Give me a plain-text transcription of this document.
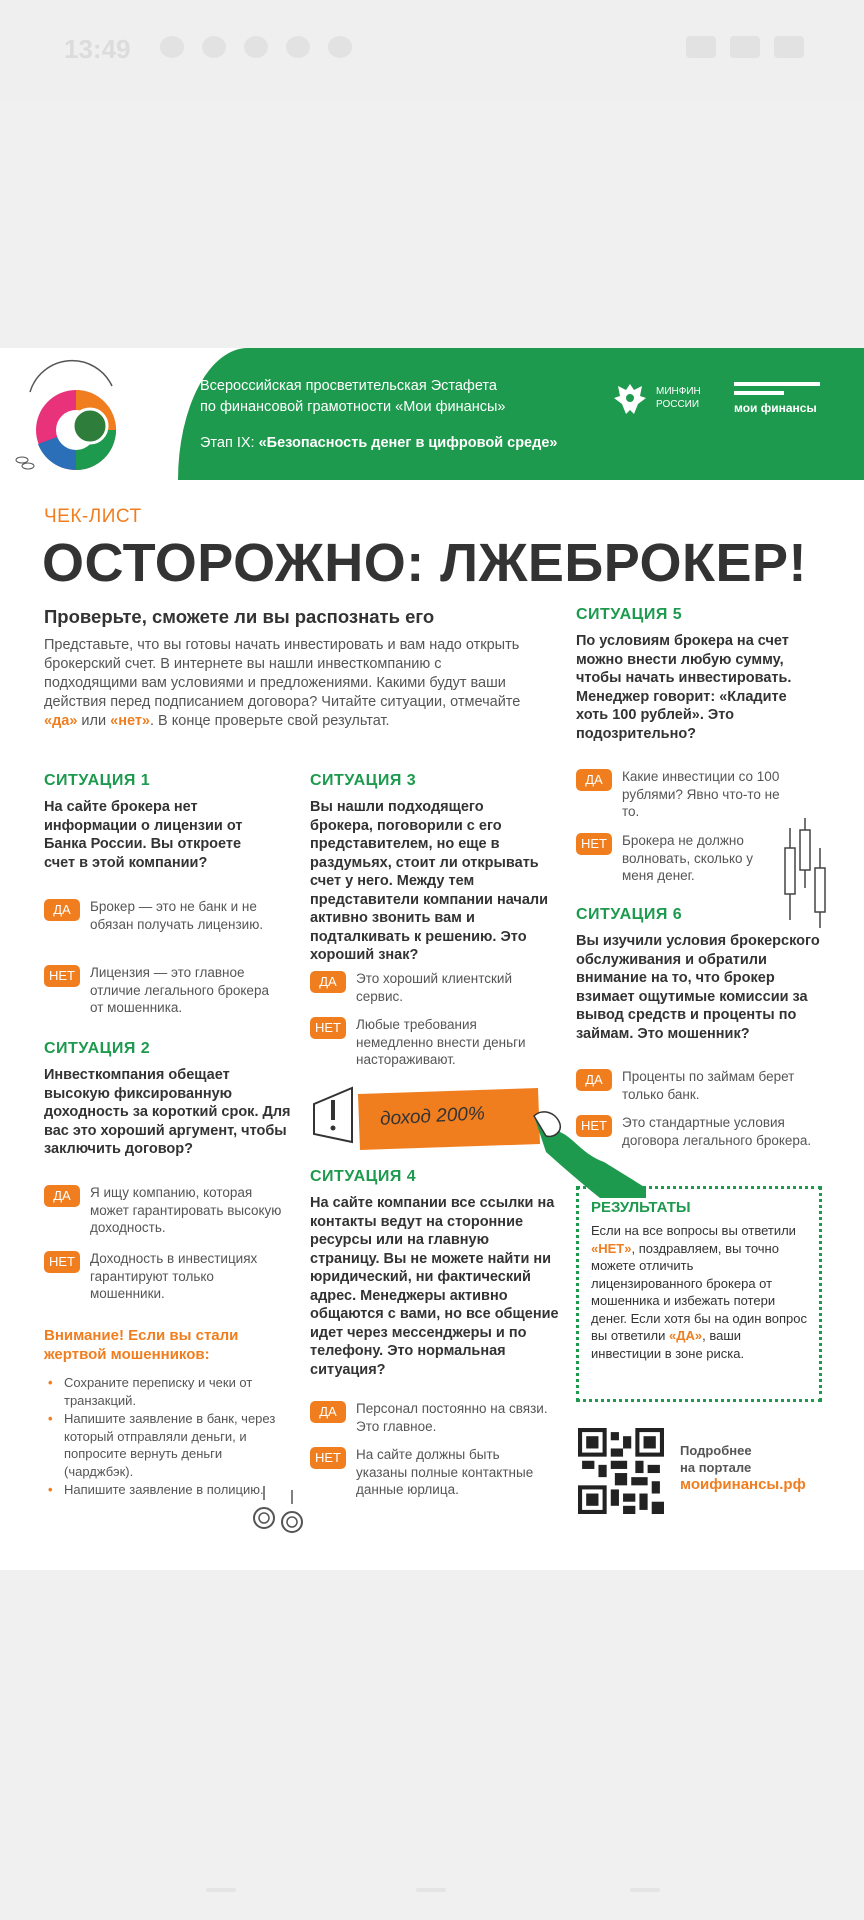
13:49
Всероссийская просветительская Эстафета
по финансовой грамотности «Мои финансы»
Этап IX: «Безопасность денег в цифровой среде»
МИНФИН
РОССИИ	мои финансы
ЧЕК-ЛИСТ
ОСТОРОЖНО: ЛЖЕБРОКЕР!
Проверьте, сможете ли вы распознать его
Представьте, что вы готовы начать инвестировать и вам надо открыть брокерский счет. В интернете вы нашли инвесткомпанию с подходящими вам условиями и предложениями. Какими будут ваши действия перед подписанием договора? Читайте ситуации, отмечайте «да» или «нет». В конце проверьте свой результат.
СИТУАЦИЯ 1
На сайте брокера нет информации о лицензии от Банка России. Вы откроете счет в этой компании?
ДА	Брокер — это не банк и не обязан получать лицензию.
НЕТ	Лицензия — это главное отличие легального брокера от мошенника.
СИТУАЦИЯ 2
Инвесткомпания обещает высокую фиксированную доходность за короткий срок. Для вас это хороший аргумент, чтобы заключить договор?
ДА	Я ищу компанию, которая может гарантировать высокую доходность.
НЕТ	Доходность в инвестициях гарантируют только мошенники.
Внимание! Если вы стали жертвой мошенников:
• Сохраните переписку и чеки от транзакций.
• Напишите заявление в банк, через который отправляли деньги, и попросите вернуть деньги (чарджбэк).
• Напишите заявление в полицию.
СИТУАЦИЯ 3
Вы нашли подходящего брокера, поговорили с его представителем, но еще в раздумьях, стоит ли открывать счет у него. Между тем представители компании начали активно звонить вам и подталкивать к решению. Это хороший знак?
ДА	Это хороший клиентский сервис.
НЕТ	Любые требования немедленно внести деньги настораживают.
доход 200%
СИТУАЦИЯ 4
На сайте компании все ссылки на контакты ведут на сторонние ресурсы или на главную страницу. Вы не можете найти ни юридический, ни фактический адрес. Менеджеры активно общаются с вами, но все общение идет через мессенджеры и по телефону. Это нормальная ситуация?
ДА	Персонал постоянно на связи. Это главное.
НЕТ	На сайте должны быть указаны полные контактные данные юрлица.
СИТУАЦИЯ 5
По условиям брокера на счет можно внести любую сумму, чтобы начать инвестировать. Менеджер говорит: «Кладите хоть 100 рублей». Это подозрительно?
ДА	Какие инвестиции со 100 рублями? Явно что-то не то.
НЕТ	Брокера не должно волновать, сколько у меня денег.
СИТУАЦИЯ 6
Вы изучили условия брокерского обслуживания и обратили внимание на то, что брокер взимает ощутимые комиссии за вывод средств и проценты по займам. Это мошенник?
ДА	Проценты по займам берет только банк.
НЕТ	Это стандартные условия договора легального брокера.
РЕЗУЛЬТАТЫ
Если на все вопросы вы ответили «НЕТ», поздравляем, вы точно можете отличить лицензированного брокера от мошенника и избежать потери денег. Если хотя бы на один вопрос вы ответили «ДА», ваши инвестиции в зоне риска.
Подробнее
на портале
моифинансы.рф
